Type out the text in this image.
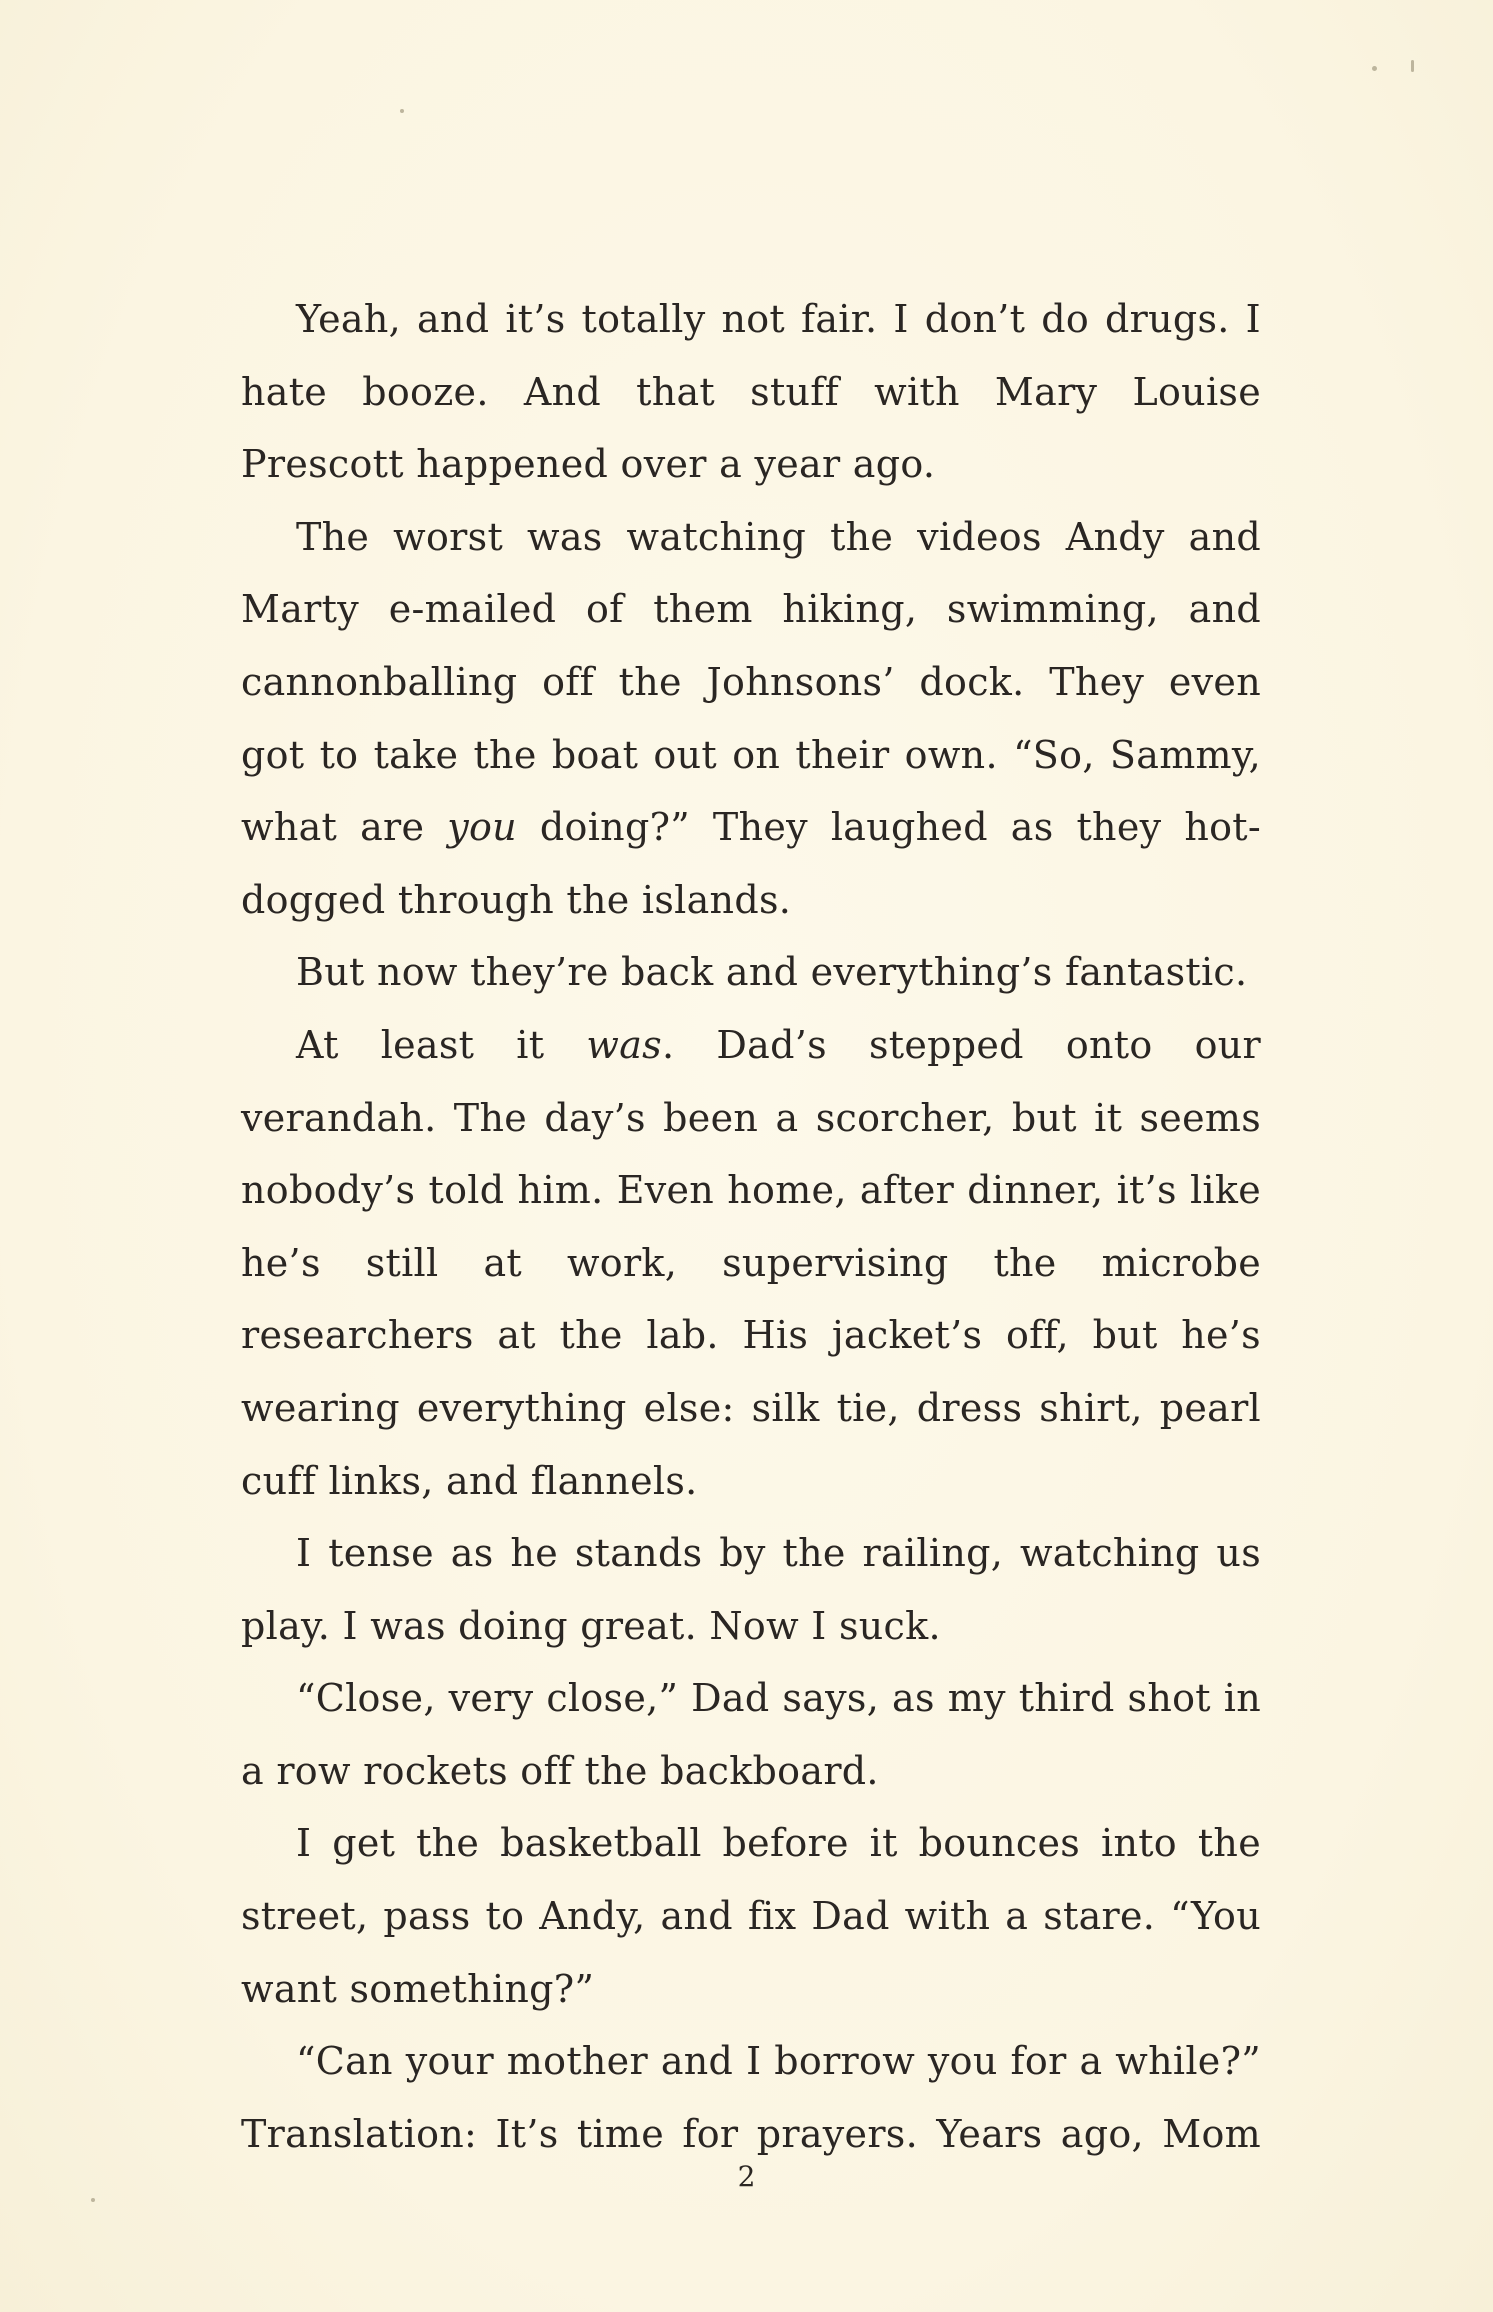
Yeah, and it’s totally not fair. I don’t do drugs. I hate booze. And that stuff with Mary Louise Prescott happened over a year ago.

The worst was watching the videos Andy and Marty e-mailed of them hiking, swimming, and cannonballing off the Johnsons’ dock. They even got to take the boat out on their own. “So, Sammy, what are you doing?” They laughed as they hot-dogged through the islands.

But now they’re back and everything’s fantastic.

At least it was. Dad’s stepped onto our verandah. The day’s been a scorcher, but it seems nobody’s told him. Even home, after dinner, it’s like he’s still at work, supervising the microbe researchers at the lab. His jacket’s off, but he’s wearing everything else: silk tie, dress shirt, pearl cuff links, and flannels.

I tense as he stands by the railing, watching us play. I was doing great. Now I suck.

“Close, very close,” Dad says, as my third shot in a row rockets off the backboard.

I get the basketball before it bounces into the street, pass to Andy, and fix Dad with a stare. “You want something?”

“Can your mother and I borrow you for a while?” Translation: It’s time for prayers. Years ago, Mom

2
